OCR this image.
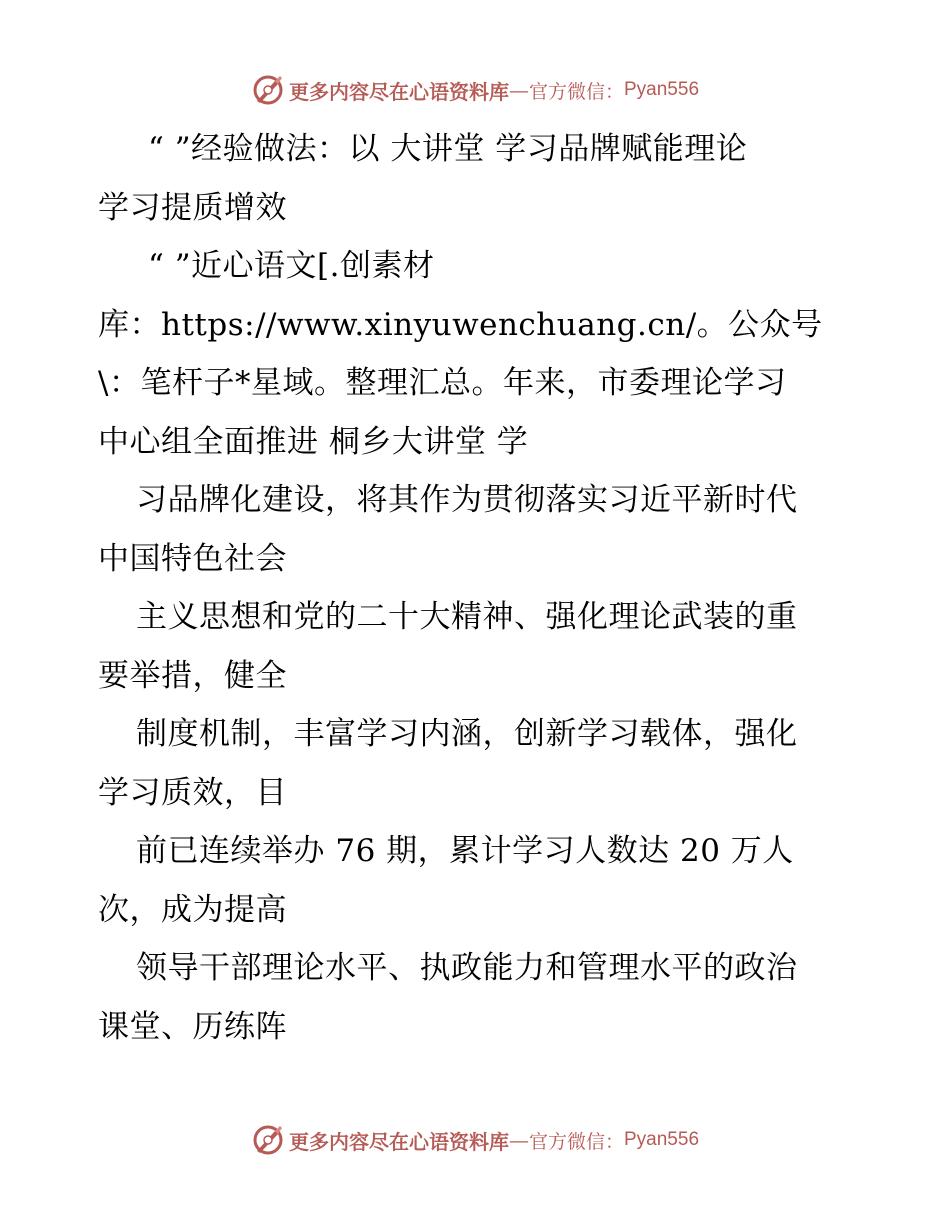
更多内容尽在心语资料库 — 官方微信： Pyan556
“ ”经验做法：以 大讲堂 学习品牌赋能理论
学习提质增效
“ ”近心语文[.创素材
库：https://www.xinyuwenchuang.cn/。公众号
\：笔杆子*星域。整理汇总。年来，市委理论学习
中心组全面推进 桐乡大讲堂 学
习品牌化建设，将其作为贯彻落实习近平新时代
中国特色社会
主义思想和党的二十大精神、强化理论武装的重
要举措，健全
制度机制，丰富学习内涵，创新学习载体，强化
学习质效，目
前已连续举办 76 期，累计学习人数达 20 万人
次，成为提高
领导干部理论水平、执政能力和管理水平的政治
课堂、历练阵
更多内容尽在心语资料库 — 官方微信： Pyan556
